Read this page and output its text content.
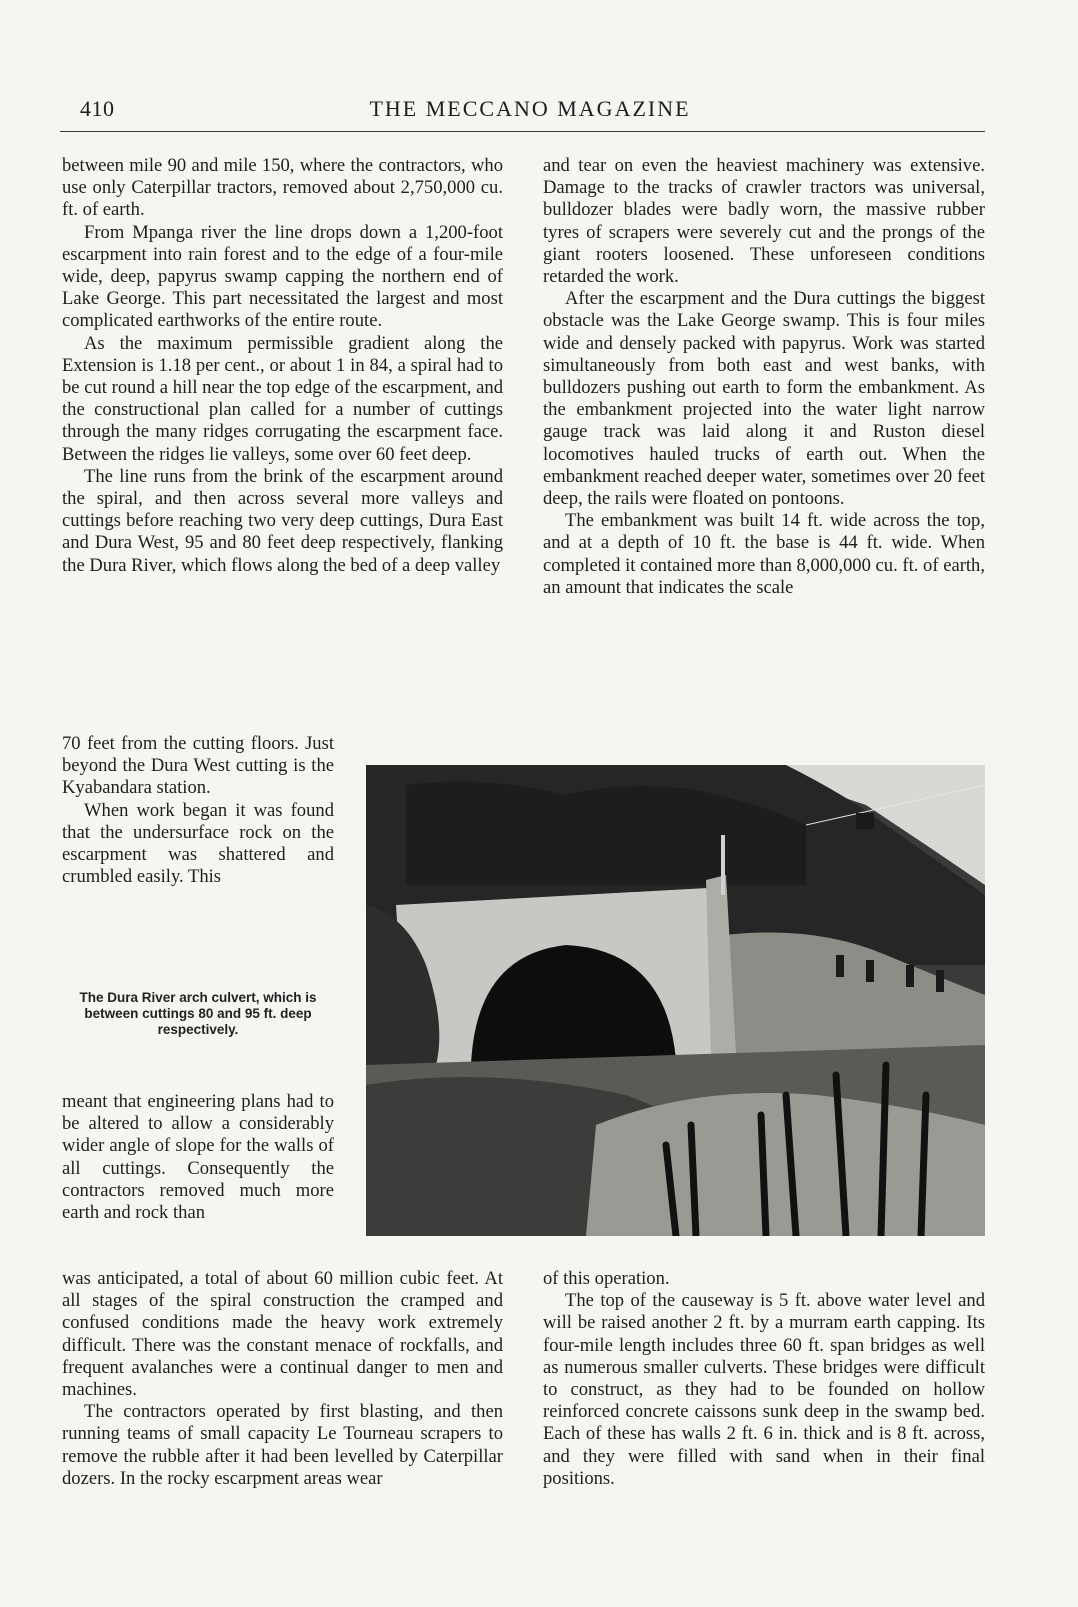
410	THE MECCANO MAGAZINE

between mile 90 and mile 150, where the contractors, who use only Caterpillar tractors, removed about 2,750,000 cu. ft. of earth.

From Mpanga river the line drops down a 1,200-foot escarpment into rain forest and to the edge of a four-mile wide, deep, papyrus swamp capping the northern end of Lake George. This part necessitated the largest and most complicated earthworks of the entire route.

As the maximum permissible gradient along the Extension is 1.18 per cent., or about 1 in 84, a spiral had to be cut round a hill near the top edge of the escarpment, and the constructional plan called for a number of cuttings through the many ridges corrugating the escarpment face. Between the ridges lie valleys, some over 60 feet deep.

The line runs from the brink of the escarpment around the spiral, and then across several more valleys and cuttings before reaching two very deep cuttings, Dura East and Dura West, 95 and 80 feet deep respectively, flanking the Dura River, which flows along the bed of a deep valley

70 feet from the cutting floors. Just beyond the Dura West cutting is the Kyabandara station.

When work began it was found that the undersurface rock on the escarpment was shattered and crumbled easily. This

The Dura River arch culvert, which is between cuttings 80 and 95 ft. deep respectively.

meant that engineering plans had to be altered to allow a considerably wider angle of slope for the walls of all cuttings. Consequently the contractors removed much more earth and rock than

was anticipated, a total of about 60 million cubic feet. At all stages of the spiral construction the cramped and confused conditions made the heavy work extremely difficult. There was the constant menace of rockfalls, and frequent avalanches were a continual danger to men and machines.

The contractors operated by first blasting, and then running teams of small capacity Le Tourneau scrapers to remove the rubble after it had been levelled by Caterpillar dozers. In the rocky escarpment areas wear

and tear on even the heaviest machinery was extensive. Damage to the tracks of crawler tractors was universal, bulldozer blades were badly worn, the massive rubber tyres of scrapers were severely cut and the prongs of the giant rooters loosened. These unforeseen conditions retarded the work.

After the escarpment and the Dura cuttings the biggest obstacle was the Lake George swamp. This is four miles wide and densely packed with papyrus. Work was started simultaneously from both east and west banks, with bulldozers pushing out earth to form the embankment. As the embankment projected into the water light narrow gauge track was laid along it and Ruston diesel locomotives hauled trucks of earth out. When the embankment reached deeper water, sometimes over 20 feet deep, the rails were floated on pontoons.

The embankment was built 14 ft. wide across the top, and at a depth of 10 ft. the base is 44 ft. wide. When completed it contained more than 8,000,000 cu. ft. of earth, an amount that indicates the scale

of this operation.

The top of the causeway is 5 ft. above water level and will be raised another 2 ft. by a murram earth capping. Its four-mile length includes three 60 ft. span bridges as well as numerous smaller culverts. These bridges were difficult to construct, as they had to be founded on hollow reinforced concrete caissons sunk deep in the swamp bed. Each of these has walls 2 ft. 6 in. thick and is 8 ft. across, and they were filled with sand when in their final positions.
